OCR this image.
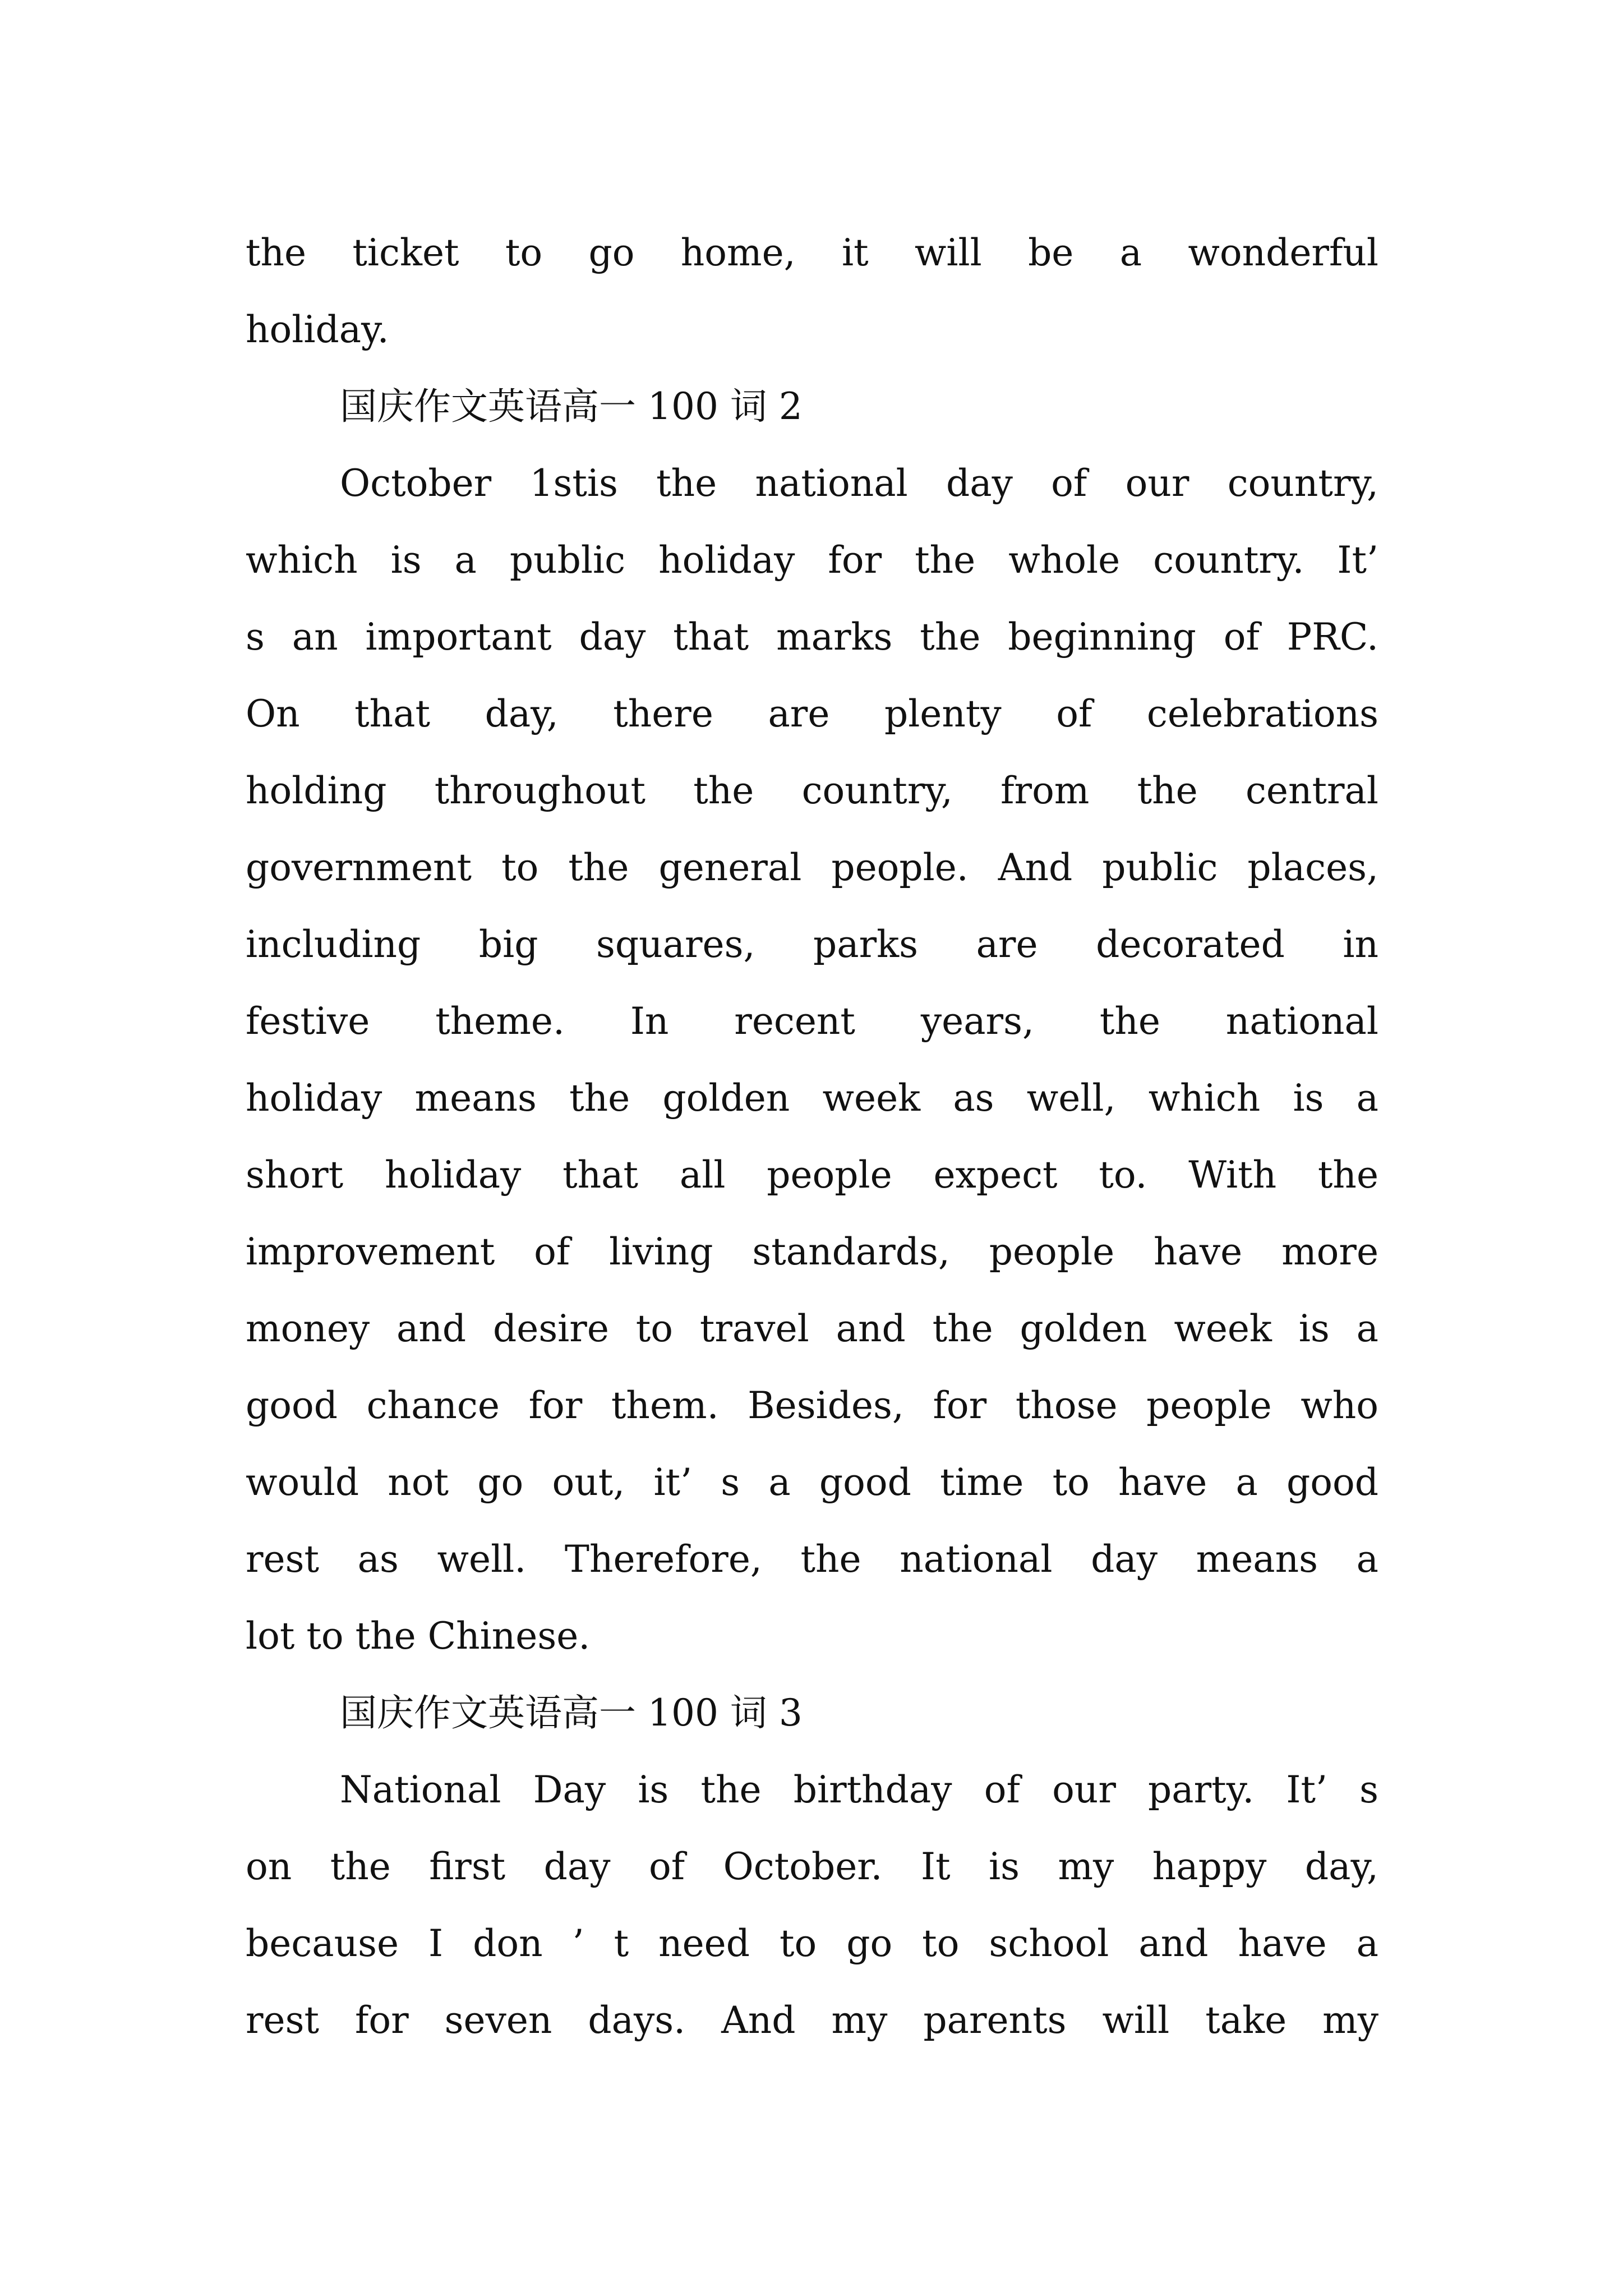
the ticket to go home, it will be a wonderful
holiday.
国庆作文英语高一 100 词 2
October 1stis the national day of our country,
which is a public holiday for the whole country. It’
s an important day that marks the beginning of PRC.
On that day, there are plenty of celebrations
holding throughout the country, from the central
government to the general people. And public places,
including big squares, parks are decorated in
festive theme. In recent years, the national
holiday means the golden week as well, which is a
short holiday that all people expect to. With the
improvement of living standards, people have more
money and desire to travel and the golden week is a
good chance for them. Besides, for those people who
would not go out, it’ s a good time to have a good
rest as well. Therefore, the national day means a
lot to the Chinese.
国庆作文英语高一 100 词 3
National Day is the birthday of our party. It’ s
on the first day of October. It is my happy day,
because I don ’ t need to go to school and have a
rest for seven days. And my parents will take my
